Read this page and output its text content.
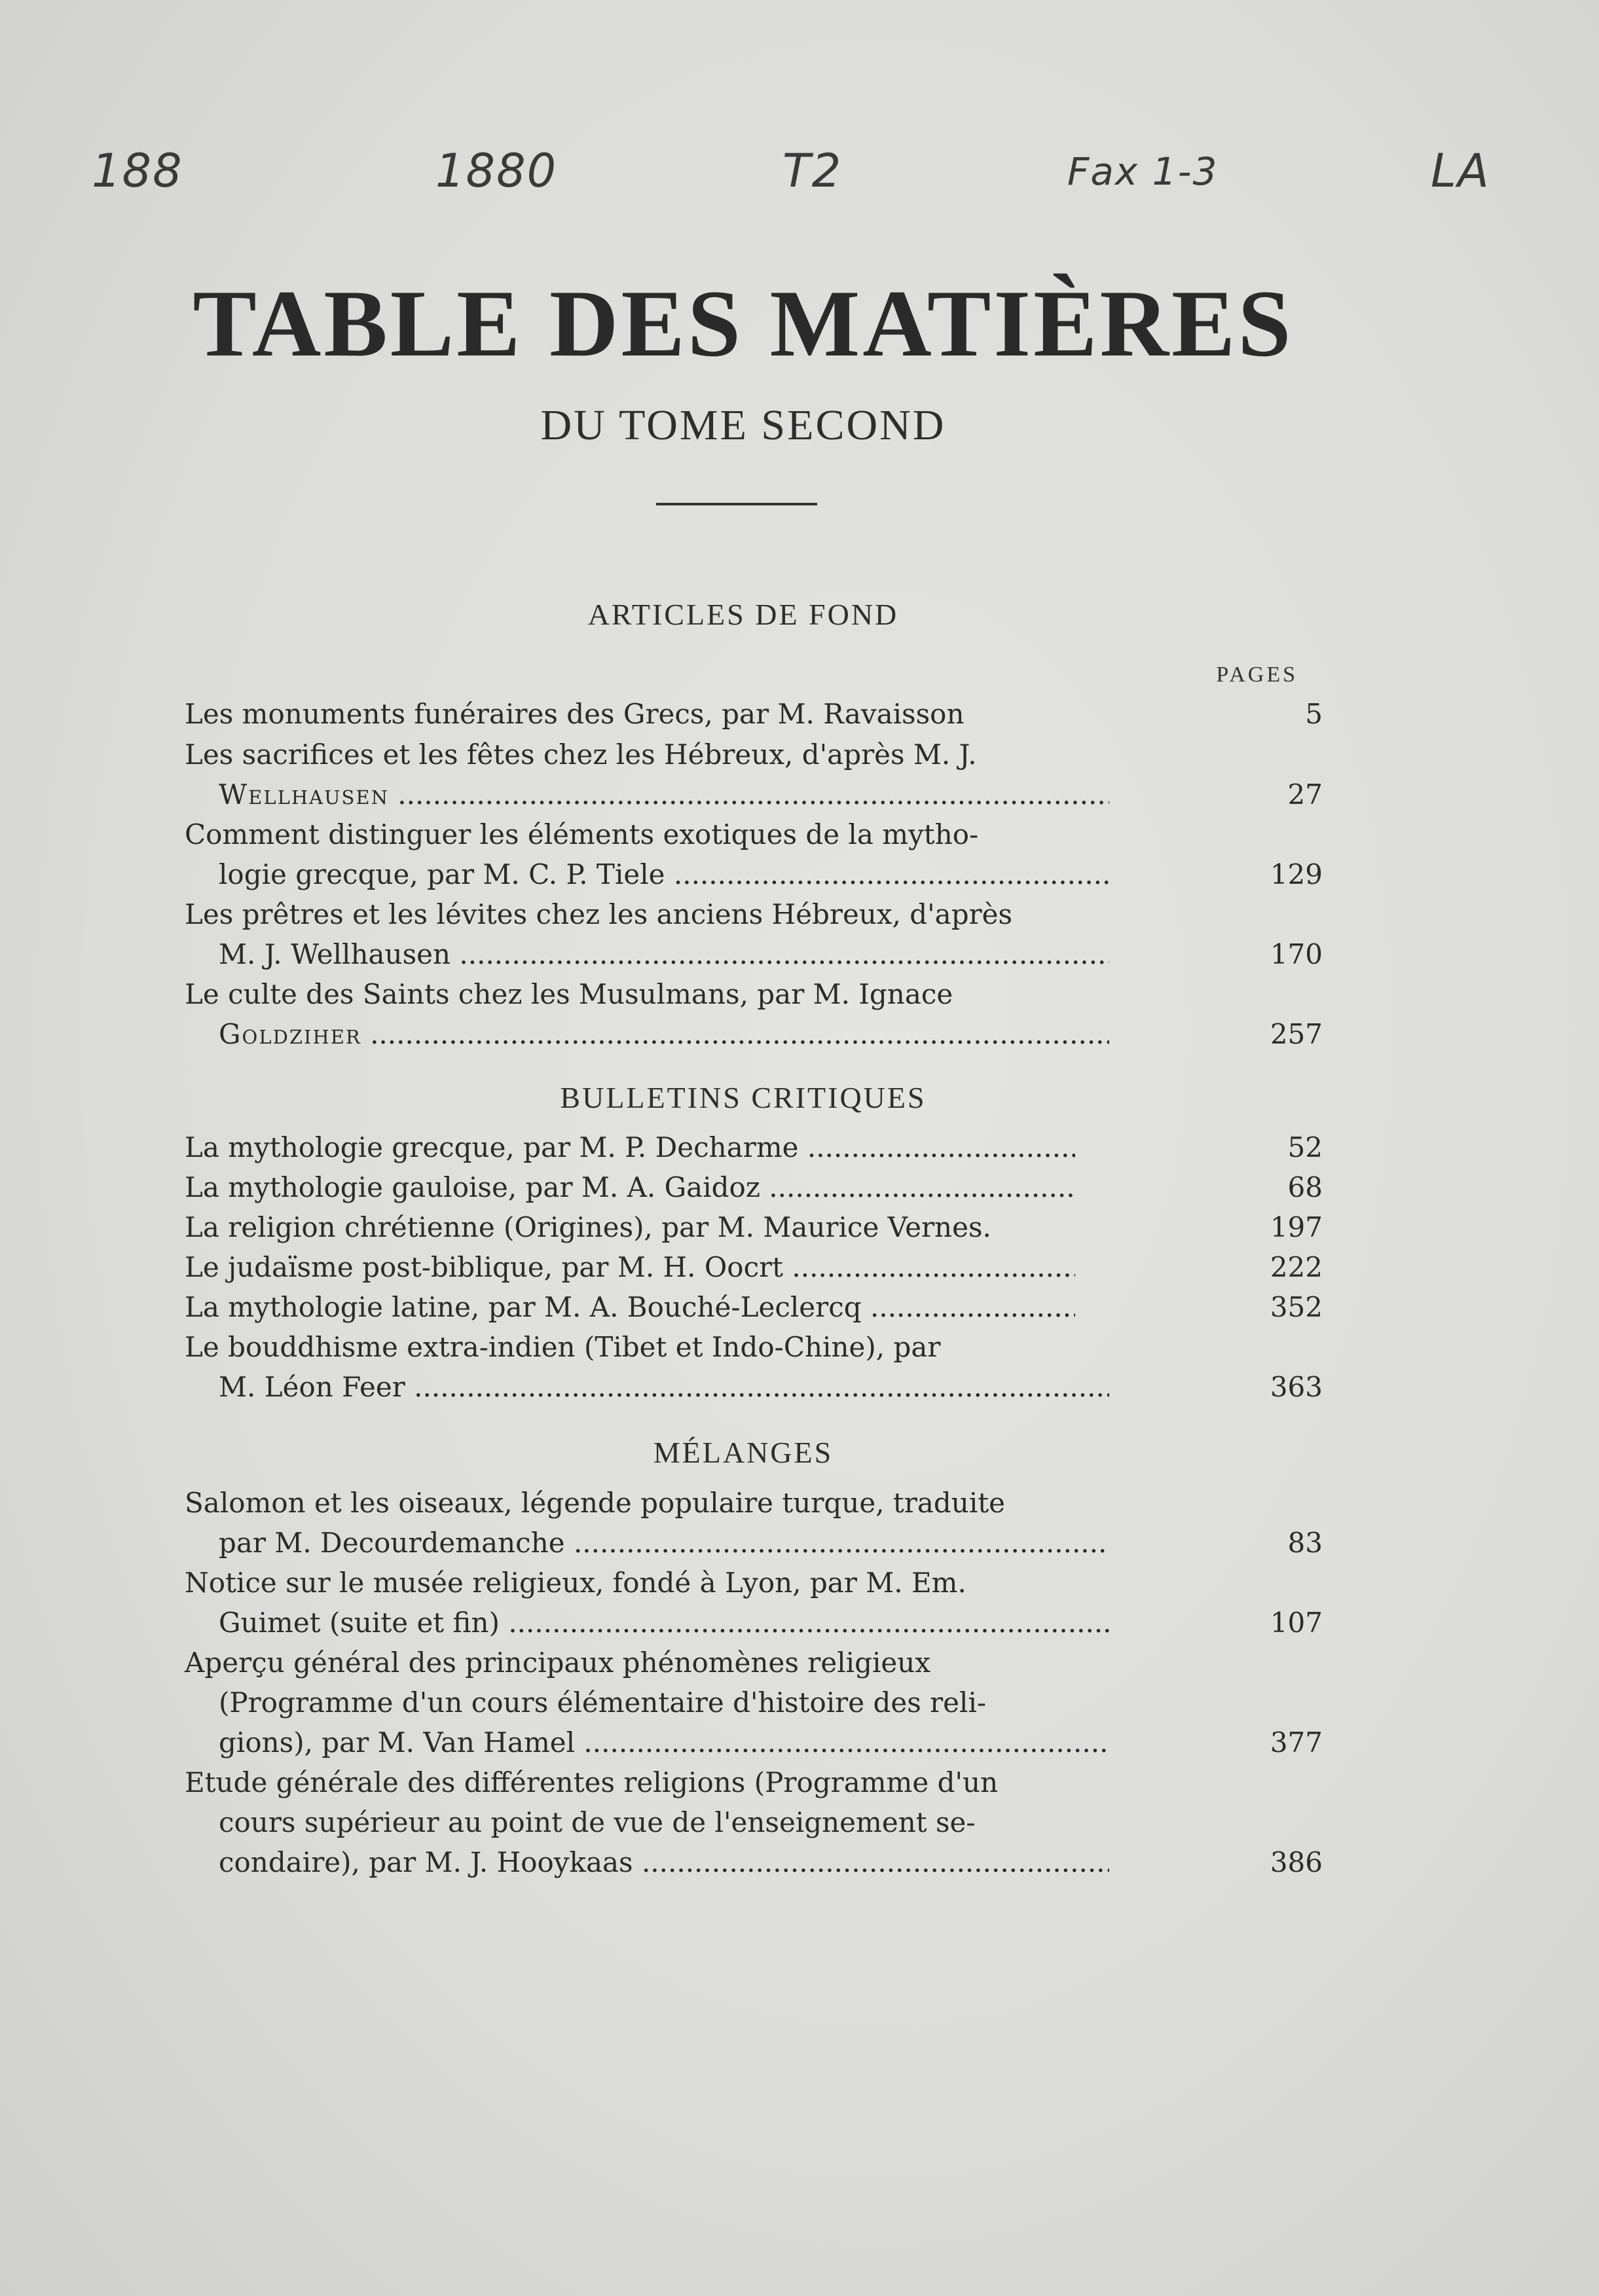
188	1880	T2	Fax 1-3	LA
TABLE DES MATIÈRES
DU TOME SECOND
ARTICLES DE FOND
PAGES
Les monuments funéraires des Grecs, par M. Ravaisson	5
Les sacrifices et les fêtes chez les Hébreux, d'après M. J.
Wellhausen .....	27
Comment distinguer les éléments exotiques de la mytho-
logie grecque, par M. C. P. Tiele .....	129
Les prêtres et les lévites chez les anciens Hébreux, d'après
M. J. Wellhausen .....	170
Le culte des Saints chez les Musulmans, par M. Ignace
Goldziher .....	257
BULLETINS CRITIQUES
La mythologie grecque, par M. P. Decharme .....	52
La mythologie gauloise, par M. A. Gaidoz .....	68
La religion chrétienne (Origines), par M. Maurice Vernes.	197
Le judaïsme post-biblique, par M. H. Oocrt .....	222
La mythologie latine, par M. A. Bouché-Leclercq .....	352
Le bouddhisme extra-indien (Tibet et Indo-Chine), par
M. Léon Feer .....	363
MÉLANGES
Salomon et les oiseaux, légende populaire turque, traduite
par M. Decourdemanche .....	83
Notice sur le musée religieux, fondé à Lyon, par M. Em.
Guimet (suite et fin) .....	107
Aperçu général des principaux phénomènes religieux
(Programme d'un cours élémentaire d'histoire des reli-
gions), par M. Van Hamel .....	377
Etude générale des différentes religions (Programme d'un
cours supérieur au point de vue de l'enseignement se-
condaire), par M. J. Hooykaas .....	386
